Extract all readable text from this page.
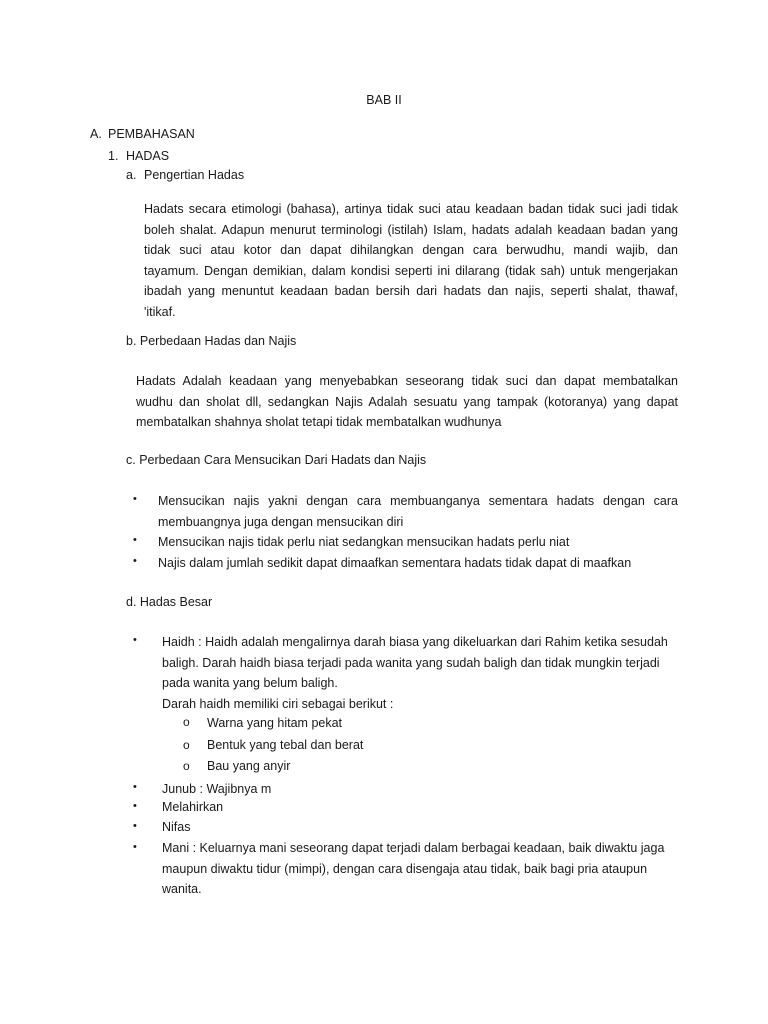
BAB II
A. PEMBAHASAN
1. HADAS
a. Pengertian Hadas
Hadats secara etimologi (bahasa), artinya tidak suci atau keadaan badan tidak suci jadi tidak
boleh shalat. Adapun menurut terminologi (istilah) Islam, hadats adalah keadaan badan yang
tidak suci atau kotor dan dapat dihilangkan dengan cara berwudhu, mandi wajib, dan
tayamum. Dengan demikian, dalam kondisi seperti ini dilarang (tidak sah) untuk mengerjakan
ibadah yang menuntut keadaan badan bersih dari hadats dan najis, seperti shalat, thawaf,
'itikaf.
b. Perbedaan Hadas dan Najis
Hadats Adalah keadaan yang menyebabkan seseorang tidak suci dan dapat membatalkan
wudhu dan sholat dll, sedangkan Najis Adalah sesuatu yang tampak (kotoranya) yang dapat
membatalkan shahnya sholat tetapi tidak membatalkan wudhunya
c. Perbedaan Cara Mensucikan Dari Hadats dan Najis
• Mensucikan najis yakni dengan cara membuanganya sementara hadats dengan cara
membuangnya juga dengan mensucikan diri
• Mensucikan najis tidak perlu niat sedangkan mensucikan hadats perlu niat
• Najis dalam jumlah sedikit dapat dimaafkan sementara hadats tidak dapat di maafkan
d. Hadas Besar
• Haidh : Haidh adalah mengalirnya darah biasa yang dikeluarkan dari Rahim ketika sesudah
baligh. Darah haidh biasa terjadi pada wanita yang sudah baligh dan tidak mungkin terjadi
pada wanita yang belum baligh.
Darah haidh memiliki ciri sebagai berikut :
o Warna yang hitam pekat
o Bentuk yang tebal dan berat
o Bau yang anyir
• Junub : Wajibnya m
• Melahirkan
• Nifas
• Mani : Keluarnya mani seseorang dapat terjadi dalam berbagai keadaan, baik diwaktu jaga
maupun diwaktu tidur (mimpi), dengan cara disengaja atau tidak, baik bagi pria ataupun
wanita.
